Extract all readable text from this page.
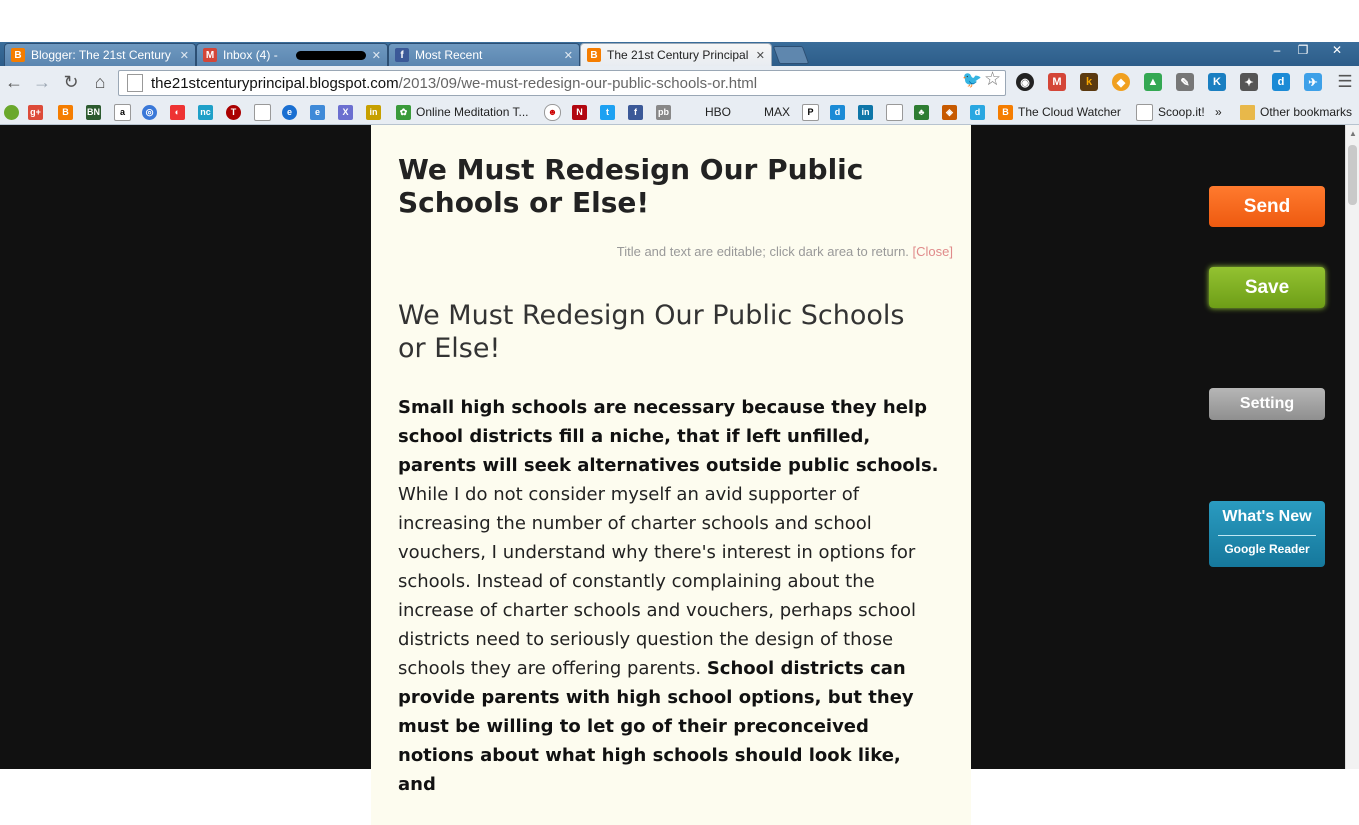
B Blogger: The 21st Century ✕ M Inbox (4) -	✕	f Most Recent	✕	B The 21st Century Principal ✕	–	❐	✕
← → ↻ ⌂	the21stcenturyprincipal.blogspot.com/2013/09/we-must-redesign-our-public-schools-or.html	🐦 ☆	◉	M	k	◆	▲	✎	K	✦	d	✈ ☰
g+	B	BN	a	◎	◐	nc	T	e	e	X	in	✿ Online Meditation T...	☻	N	t	f	pb	HBO	MAX	P	d	in	♣	◈	d	B The Cloud Watcher	Scoop.it! »	Other bookmarks
We Must Redesign Our Public Schools or Else!
Title and text are editable; click dark area to return. [Close]
We Must Redesign Our Public Schools or Else!
Small high schools are necessary because they help school districts fill a niche, that if left unfilled, parents will seek alternatives outside public schools. While I do not consider myself an avid supporter of increasing the number of charter schools and school vouchers, I understand why there's interest in options for schools. Instead of constantly complaining about the increase of charter schools and vouchers, perhaps school districts need to seriously question the design of those schools they are offering parents. School districts can provide parents with high school options, but they must be willing to let go of their preconceived notions about what high schools should look like, and
Send
Save
Setting
What's New
Google Reader
▲
